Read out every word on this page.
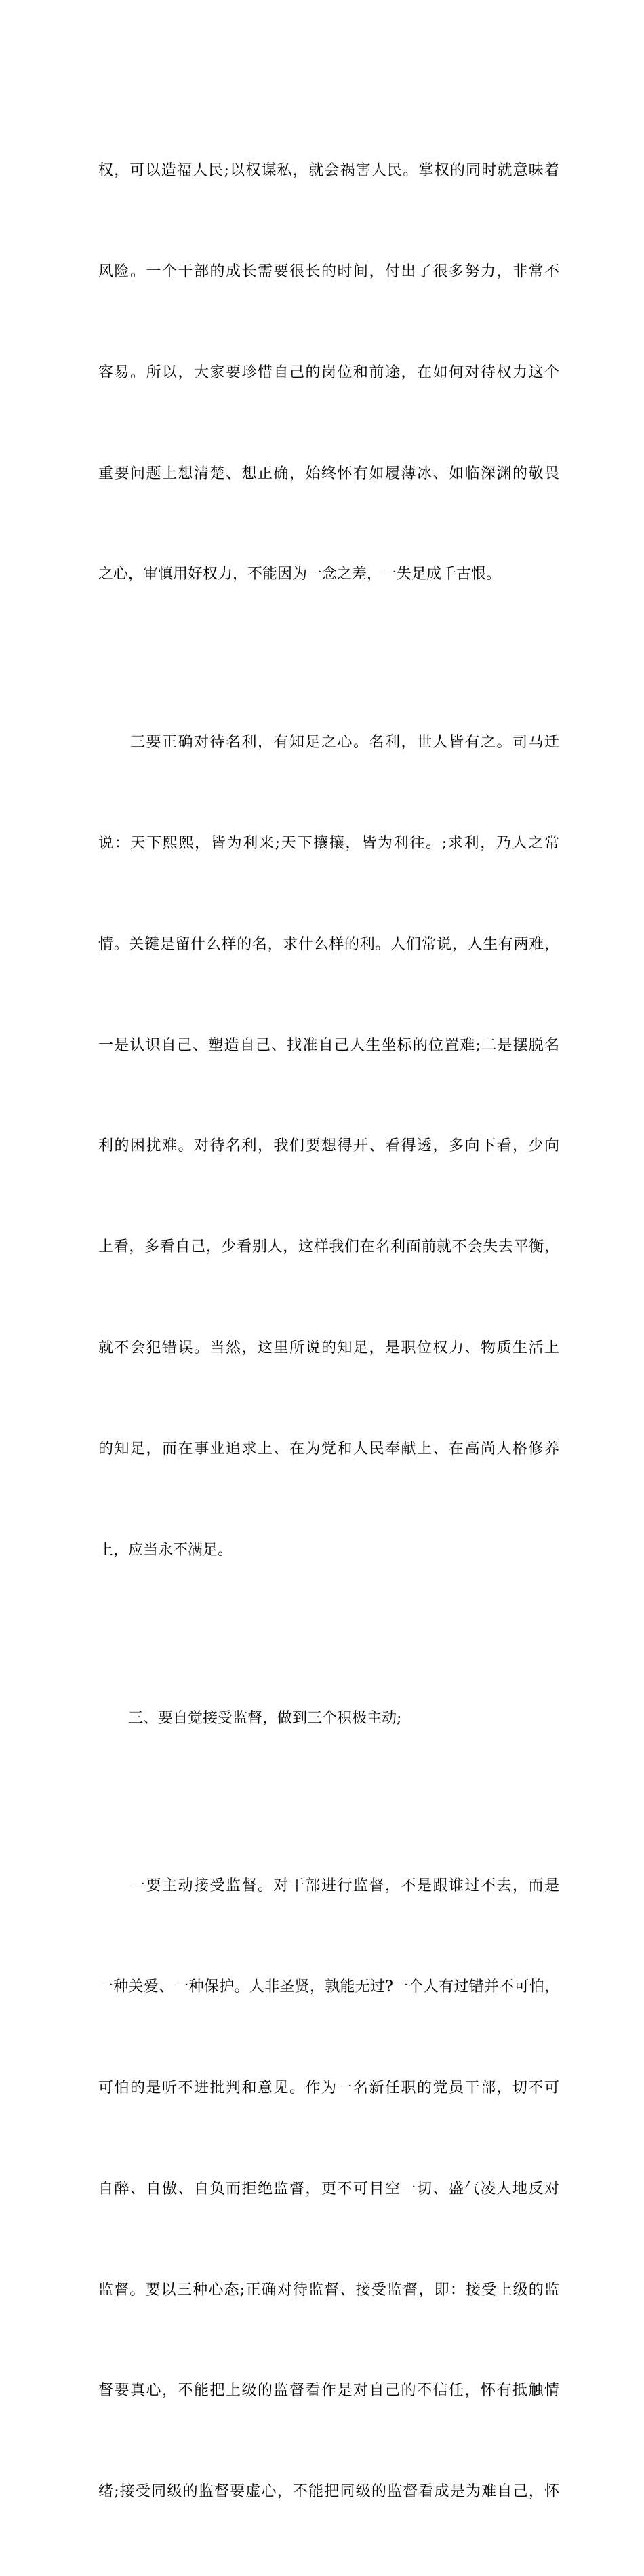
权，可以造福人民;以权谋私，就会祸害人民。掌权的同时就意味着

风险。一个干部的成长需要很长的时间，付出了很多努力，非常不

容易。所以，大家要珍惜自己的岗位和前途，在如何对待权力这个

重要问题上想清楚、想正确，始终怀有如履薄冰、如临深渊的敬畏

之心，审慎用好权力，不能因为一念之差，一失足成千古恨。

　　三要正确对待名利，有知足之心。名利，世人皆有之。司马迁

说：天下熙熙，皆为利来;天下攘攘，皆为利往。;求利，乃人之常

情。关键是留什么样的名，求什么样的利。人们常说，人生有两难，

一是认识自己、塑造自己、找准自己人生坐标的位置难;二是摆脱名

利的困扰难。对待名利，我们要想得开、看得透，多向下看，少向

上看，多看自己，少看别人，这样我们在名利面前就不会失去平衡，

就不会犯错误。当然，这里所说的知足，是职位权力、物质生活上

的知足，而在事业追求上、在为党和人民奉献上、在高尚人格修养

上，应当永不满足。

　　三、要自觉接受监督，做到三个积极主动;

　　一要主动接受监督。对干部进行监督，不是跟谁过不去，而是

一种关爱、一种保护。人非圣贤，孰能无过?一个人有过错并不可怕，

可怕的是听不进批判和意见。作为一名新任职的党员干部，切不可

自醉、自傲、自负而拒绝监督，更不可目空一切、盛气凌人地反对

监督。要以三种心态;正确对待监督、接受监督，即：接受上级的监

督要真心，不能把上级的监督看作是对自己的不信任，怀有抵触情

绪;接受同级的监督要虚心，不能把同级的监督看成是为难自己，怀
